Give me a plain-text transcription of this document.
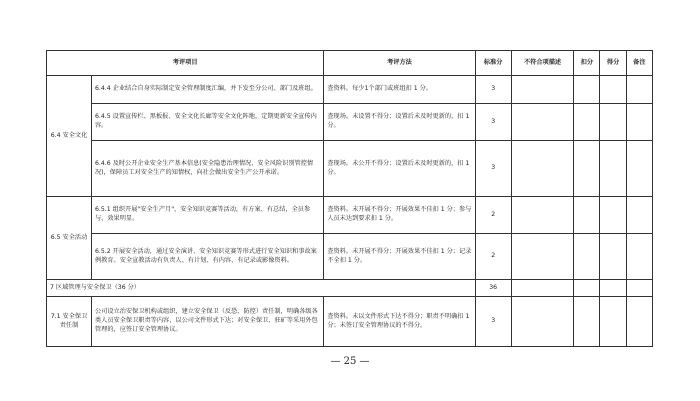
考评项目		考评方法	标准分	不符合项描述	扣分	得分	备注
6.4 安全文化	6.4.4 企业结合自身实际制定安全管理制度汇编，并下发至分公司、部门及班组。	查资料。每少1个部门或班组扣 1 分。	3				
	6.4.5 设置宣传栏、黑板报、安全文化长廊等安全文化阵地，定期更新安全宣传内容。	查现场。未设置不得分；设置后未及时更新的，扣 1 分。	3				
	6.4.6 及时公开企业安全生产基本信息(安全隐患治理情况、安全风险识别管控情况)，保障员工对安全生产的知情权，向社会做出安全生产公开承诺。	查现场。未公开不得分；设置后未及时更新的，扣 1 分。	3				
6.5 安全活动	6.5.1 组织开展"安全生产月"、安全知识竞赛等活动，有方案、有总结，全员参与，效果明显。	查资料。未开展不得分；开展效果不佳扣 1 分；参与人员未达到要求扣 1 分。	2				
	6.5.2 开展安全活动，通过安全演讲、安全知识竞赛等形式进行安全知识和事故案例教育。安全宣教活动有负责人、有计划、有内容、有记录或影像资料。	查资料。未开展不得分；开展效果不佳扣 1 分；记录不全扣 1 分。	2				
7 区域管理与安全保卫（36 分）			36				
7.1 安全保卫责任制	公司设立治安保卫机构或组织，建立安全保卫（反恐、防控）责任制，明确各级各类人员安全保卫职责等内容，以公司文件形式下达；对安全保卫、驻矿等采用外包管理的，应签订安全管理协议。	查资料。未以文件形式下达不得分；职责不明确扣 1 分；未签订安全管理协议的不得分。	3				
— 25 —
